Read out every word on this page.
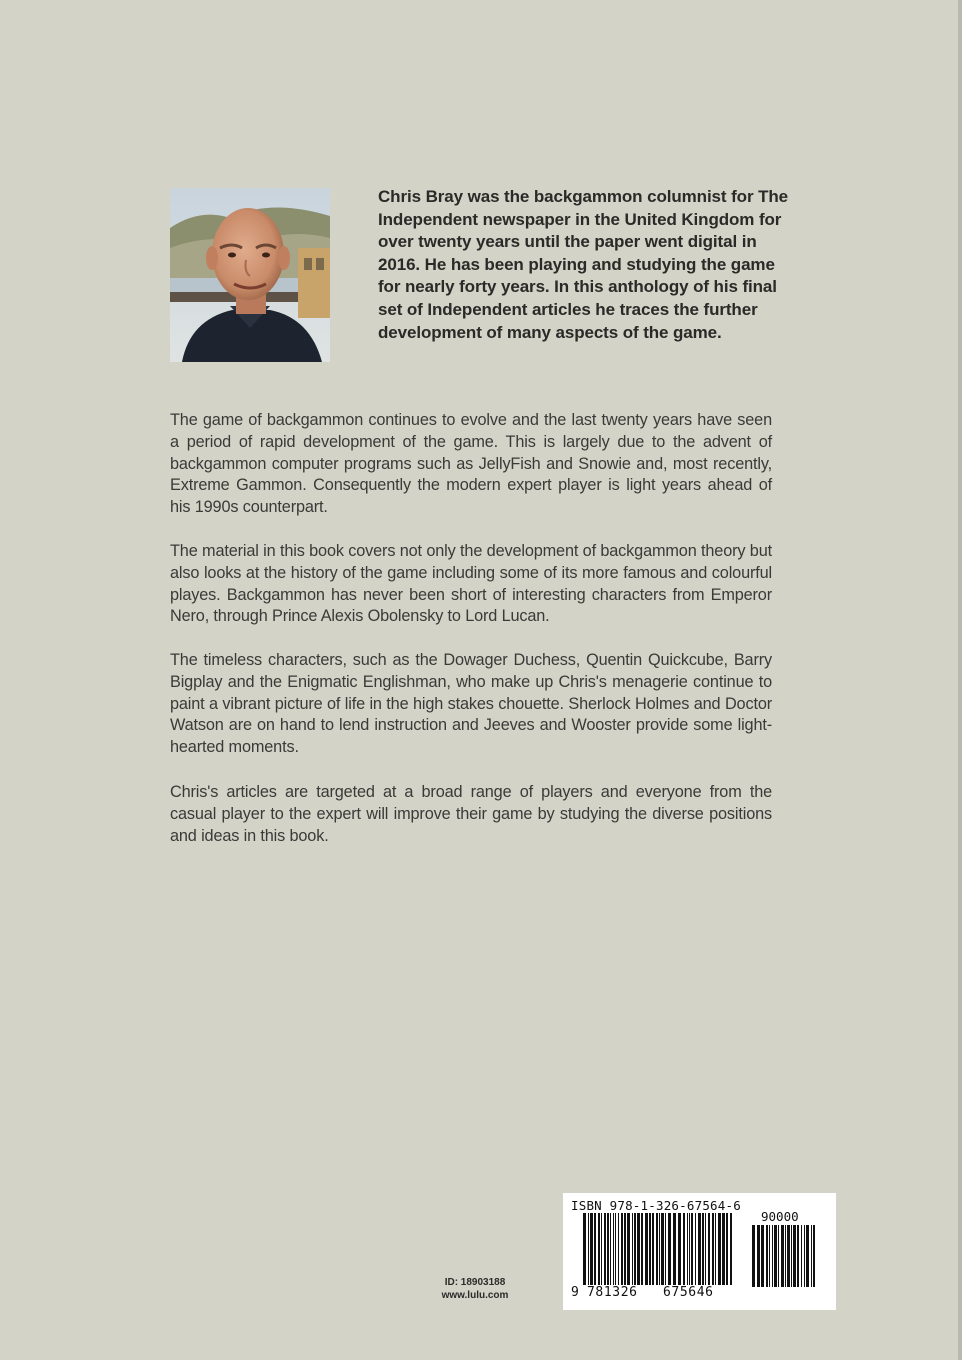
Chris Bray was the backgammon columnist for The Independent newspaper in the United Kingdom for over twenty years until the paper went digital in 2016. He has been playing and studying the game for nearly forty years. In this anthology of his final set of Independent articles he traces the further development of many aspects of the game.

The game of backgammon continues to evolve and the last twenty years have seen a period of rapid development of the game. This is largely due to the advent of backgammon computer programs such as JellyFish and Snowie and, most recently, Extreme Gammon. Consequently the modern expert player is light years ahead of his 1990s counterpart.

The material in this book covers not only the development of backgammon theory but also looks at the history of the game including some of its more famous and colourful playes. Backgammon has never been short of interesting characters from Emperor Nero, through Prince Alexis Obolensky to Lord Lucan.

The timeless characters, such as the Dowager Duchess, Quentin Quickcube, Barry Bigplay and the Enigmatic Englishman, who make up Chris's menagerie continue to paint a vibrant picture of life in the high stakes chouette. Sherlock Holmes and Doctor Watson are on hand to lend instruction and Jeeves and Wooster provide some light-hearted moments.

Chris's articles are targeted at a broad range of players and everyone from the casual player to the expert will improve their game by studying the diverse positions and ideas in this book.

ID: 18903188
www.lulu.com
ISBN 978-1-326-67564-6
90000
9 781326 675646
